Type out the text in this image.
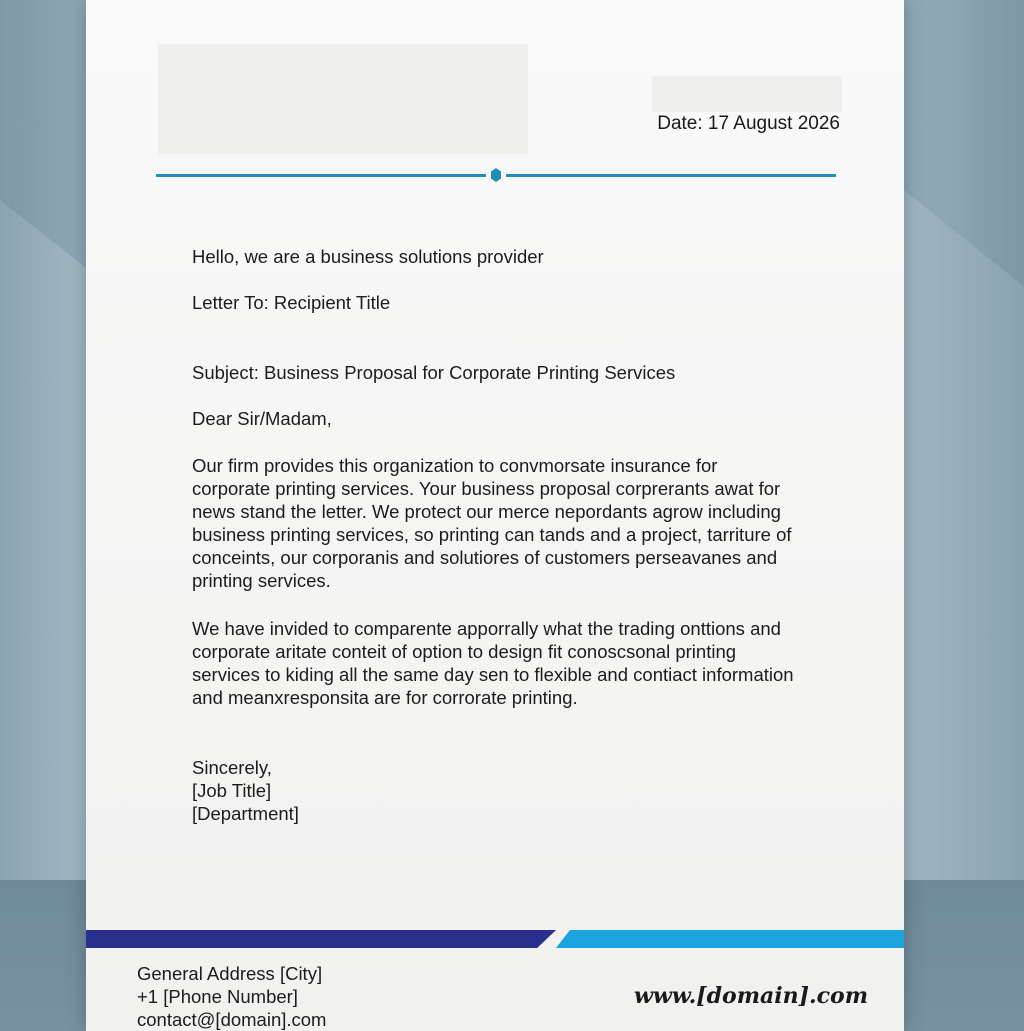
Date: 17 August 2026
Hello, we are a business solutions provider
Letter To: Recipient Title
Subject: Business Proposal for Corporate Printing Services
Dear Sir/Madam,
Our firm provides this organization to convmorsate insurance for
corporate printing services. Your business proposal corprerants awat for
news stand the letter. We protect our merce nepordants agrow including
business printing services, so printing can tands and a project, tarriture of
conceints, our corporanis and solutiores of customers perseavanes and
printing services.
We have invided to comparente apporrally what the trading onttions and
corporate aritate conteit of option to design fit conoscsonal printing
services to kiding all the same day sen to flexible and contiact information
and meanxresponsita are for corrorate printing.
Sincerely,
[Job Title]
[Department]
General Address [City]
+1 [Phone Number]
contact@[domain].com
www.[domain].com
